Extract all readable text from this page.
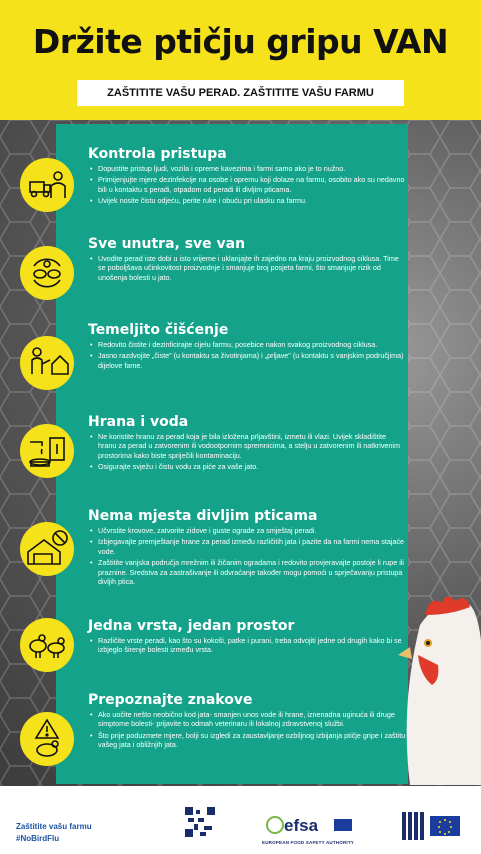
Držite ptičju gripu VAN
ZAŠTITITE VAŠU PERAD. ZAŠTITITE VAŠU FARMU
Kontrola pristupa
• Dopustite pristup ljudi, vozila i opreme kavezima i farmi samo ako je to nužno.
• Primijenjujte mjere dezinfekcije na osobe i opremu koji dolaze na farmu, osobito ako su nedavno bili u kontaktu s peradi, otpadom od peradi ili divljim pticama.
• Uvijek nosite čistu odjeću, perite ruke i obuću pri ulasku na farmu.
Sve unutra, sve van
• Uvodite perad iste dobi u isto vrijeme i uklanjajte ih zajedno na kraju proizvodnog ciklusa. Time se poboljšava učinkovitost proizvodnje i smanjuje broj posjeta farmi, što smanjuje rizik od unošenja bolesti u jato.
Temeljito čišćenje
• Redovito čistite i dezinficirajte cijelu farmu, posebice nakon svakog proizvodnog ciklusa.
• Jasno razdvojite „čiste" (u kontaktu sa životinjama) i „prljave" (u kontaktu s vanjskim područjima) dijelove fame.
Hrana i voda
• Ne koristite hranu za perad koja je bila izložena prljavštini, izmetu ili vlazi. Uvijek skladištite hranu za perad u zatvorenim ili vodootpornim spremnicima, a stelju u zatvorenim ili natkrivenim prostorima kako biste spriječili kontaminaciju.
• Osigurajte svježu i čistu vodu za piće za vaše jato.
Nema mjesta divljim pticama
• Učvrstite krovove, zatvorite zidove i guste ograde za smještaj peradi.
• Izbjegavajte premještanje hrane za perad između različitih jata i pazite da na farmi nema stajaće vode.
• Zaštitite vanjska područja mrežnim ili žičanim ogradama i redovito provjeravajte postoje li rupe ili praznine. Sredstva za zastrašivanje ili odvraćanje također mogu pomoći u sprječavanju pristupa divljih ptica.
Jedna vrsta, jedan prostor
• Različite vrste peradi, kao što su kokoši, patke i purani, treba odvojiti jedne od drugih kako bi se izbjeglo širenje bolesti između vrsta.
Prepoznajte znakove
• Ako uočite nešto neobično kod jata- smanjen unos vode ili hrane, iznenadna uginuća ili druge simptome bolesti- prijavite to odmah veterinaru ili lokalnoj zdravstvenoj službi.
• Što prije poduzmete mjere, bolji su izgledi za zaustavljanje ozbiljnog izbijanja ptičje gripe i zaštitu vašeg jata i obližnjih jata.
Zaštitite vašu farmu
#NoBirdFlu
efsa
EUROPEAN FOOD SAFETY AUTHORITY
